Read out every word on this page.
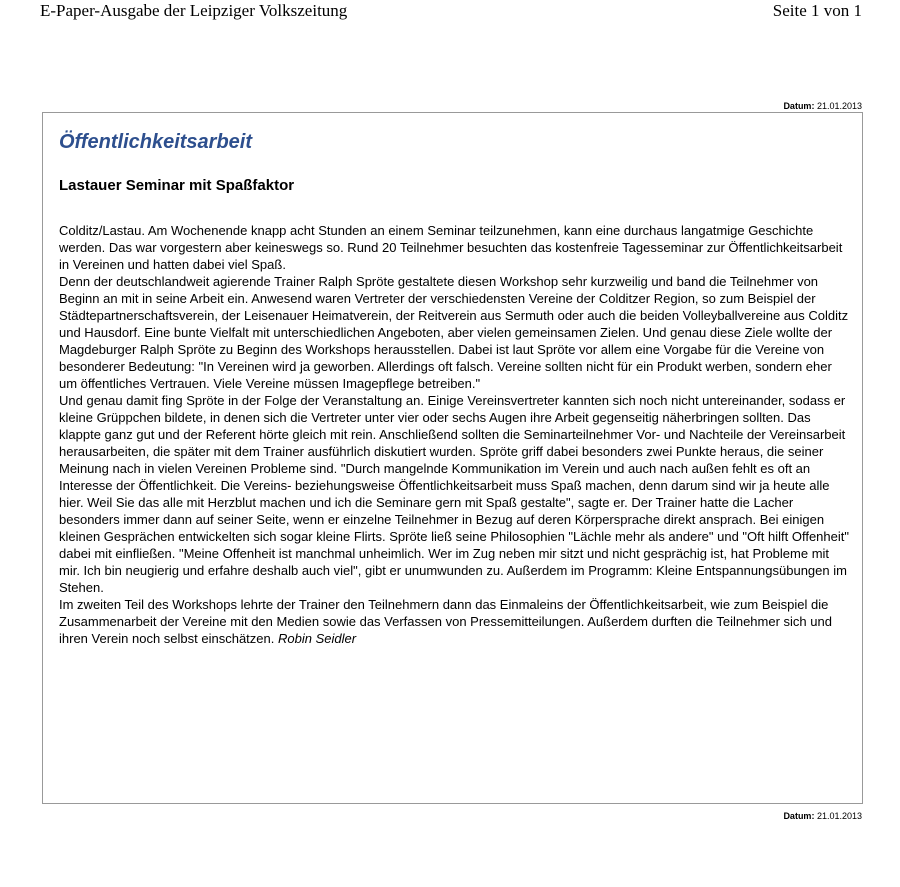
E-Paper-Ausgabe der Leipziger Volkszeitung	Seite 1 von 1
Datum: 21.01.2013
Öffentlichkeitsarbeit
Lastauer Seminar mit Spaßfaktor

Colditz/Lastau. Am Wochenende knapp acht Stunden an einem Seminar teilzunehmen, kann eine durchaus langatmige Geschichte werden. Das war vorgestern aber keineswegs so. Rund 20 Teilnehmer besuchten das kostenfreie Tagesseminar zur Öffentlichkeitsarbeit in Vereinen und hatten dabei viel Spaß.

Denn der deutschlandweit agierende Trainer Ralph Spröte gestaltete diesen Workshop sehr kurzweilig und band die Teilnehmer von Beginn an mit in seine Arbeit ein. Anwesend waren Vertreter der verschiedensten Vereine der Colditzer Region, so zum Beispiel der Städtepartnerschaftsverein, der Leisenauer Heimatverein, der Reitverein aus Sermuth oder auch die beiden Volleyballvereine aus Colditz und Hausdorf. Eine bunte Vielfalt mit unterschiedlichen Angeboten, aber vielen gemeinsamen Zielen. Und genau diese Ziele wollte der Magdeburger Ralph Spröte zu Beginn des Workshops herausstellen. Dabei ist laut Spröte vor allem eine Vorgabe für die Vereine von besonderer Bedeutung: "In Vereinen wird ja geworben. Allerdings oft falsch. Vereine sollten nicht für ein Produkt werben, sondern eher um öffentliches Vertrauen. Viele Vereine müssen Imagepflege betreiben."

Und genau damit fing Spröte in der Folge der Veranstaltung an. Einige Vereinsvertreter kannten sich noch nicht untereinander, sodass er kleine Grüppchen bildete, in denen sich die Vertreter unter vier oder sechs Augen ihre Arbeit gegenseitig näherbringen sollten. Das klappte ganz gut und der Referent hörte gleich mit rein. Anschließend sollten die Seminarteilnehmer Vor- und Nachteile der Vereinsarbeit herausarbeiten, die später mit dem Trainer ausführlich diskutiert wurden. Spröte griff dabei besonders zwei Punkte heraus, die seiner Meinung nach in vielen Vereinen Probleme sind. "Durch mangelnde Kommunikation im Verein und auch nach außen fehlt es oft an Interesse der Öffentlichkeit. Die Vereins- beziehungsweise Öffentlichkeitsarbeit muss Spaß machen, denn darum sind wir ja heute alle hier. Weil Sie das alle mit Herzblut machen und ich die Seminare gern mit Spaß gestalte", sagte er. Der Trainer hatte die Lacher besonders immer dann auf seiner Seite, wenn er einzelne Teilnehmer in Bezug auf deren Körpersprache direkt ansprach. Bei einigen kleinen Gesprächen entwickelten sich sogar kleine Flirts. Spröte ließ seine Philosophien "Lächle mehr als andere" und "Oft hilft Offenheit" dabei mit einfließen. "Meine Offenheit ist manchmal unheimlich. Wer im Zug neben mir sitzt und nicht gesprächig ist, hat Probleme mit mir. Ich bin neugierig und erfahre deshalb auch viel", gibt er unumwunden zu. Außerdem im Programm: Kleine Entspannungsübungen im Stehen.

Im zweiten Teil des Workshops lehrte der Trainer den Teilnehmern dann das Einmaleins der Öffentlichkeitsarbeit, wie zum Beispiel die Zusammenarbeit der Vereine mit den Medien sowie das Verfassen von Pressemitteilungen. Außerdem durften die Teilnehmer sich und ihren Verein noch selbst einschätzen. Robin Seidler

Datum: 21.01.2013
